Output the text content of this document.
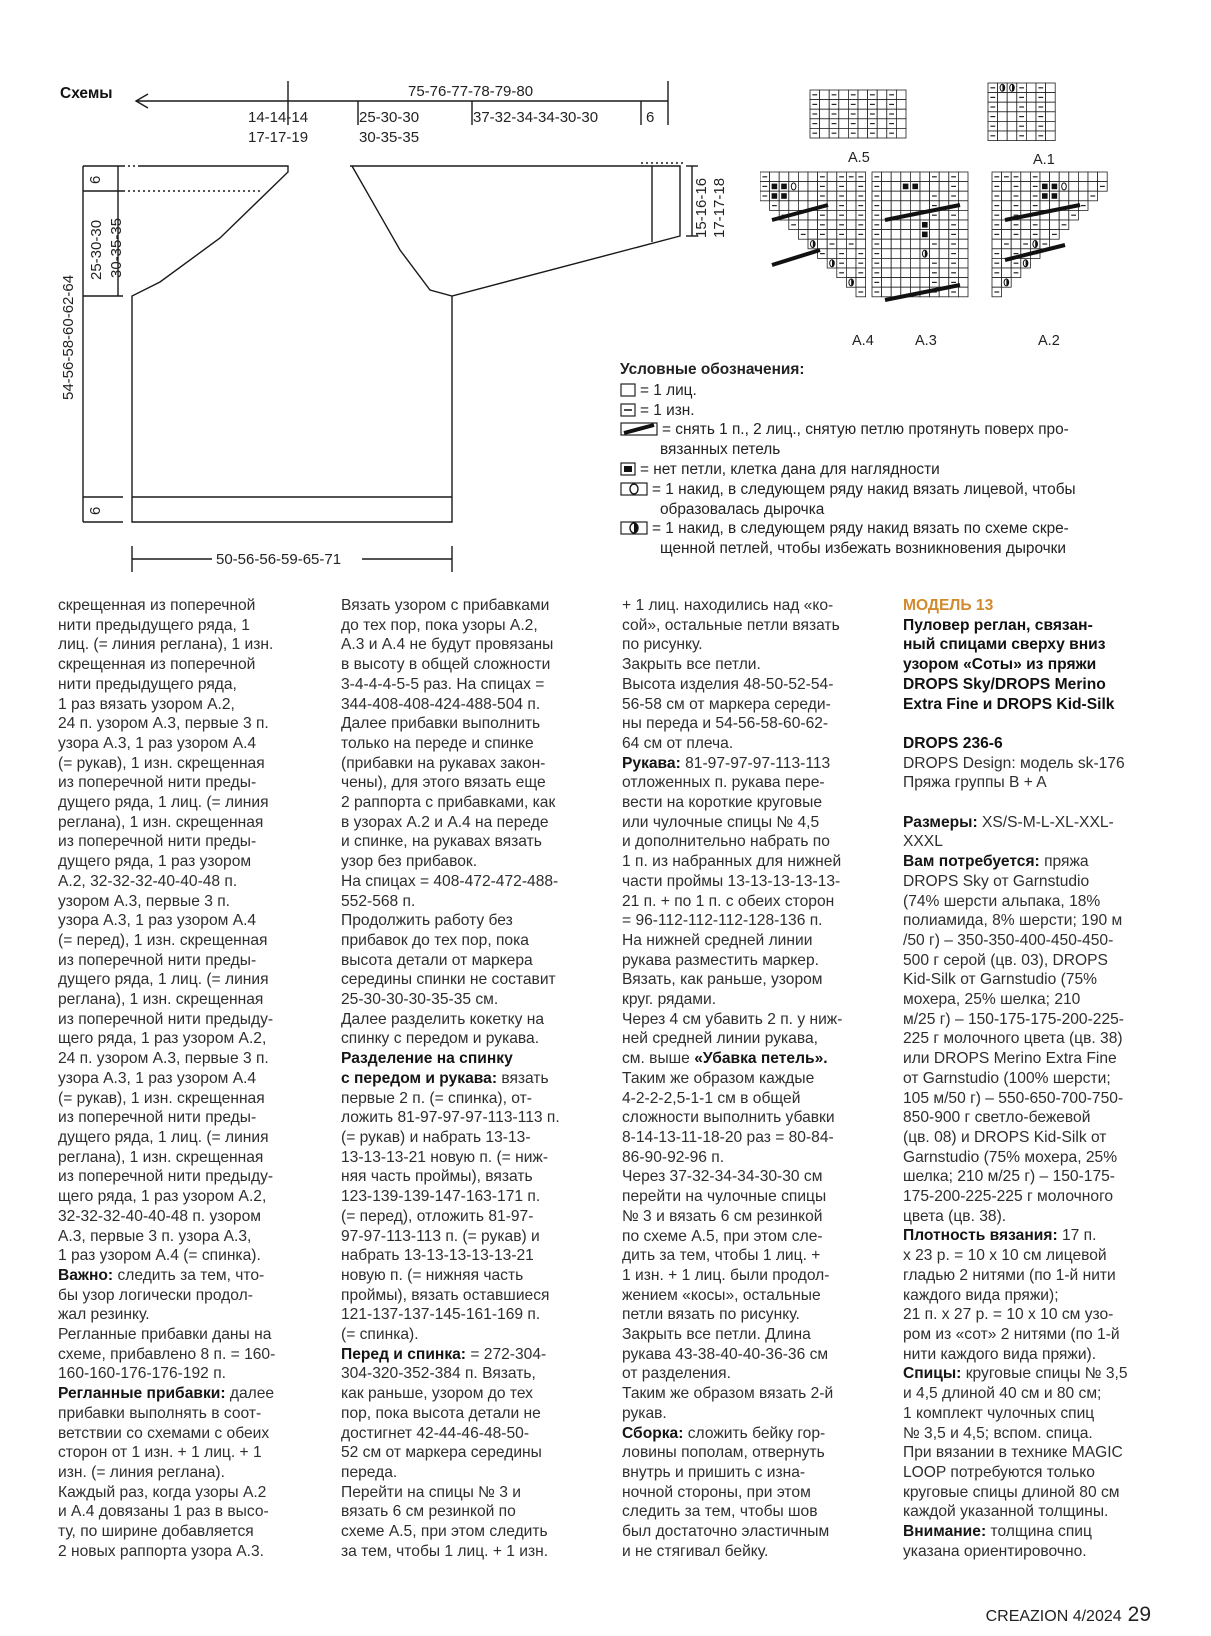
Схемы	75-76-77-78-79-80
14-14-14
17-17-19
25-30-30
30-35-35
37-32-34-34-30-30	6
54-56-58-60-62-64
25-30-30 30-35-35
6
6
15-16-16 17-17-18
50-56-56-59-65-71
A.5	A.1
A.4	A.3	A.2
Условные обозначения:
= 1 лиц.
= 1 изн.
= снять 1 п., 2 лиц., снятую петлю протянуть поверх про-
вязанных петель
= нет петли, клетка дана для наглядности
= 1 накид, в следующем ряду накид вязать лицевой, чтобы
образовалась дырочка
= 1 накид, в следующем ряду накид вязать по схеме скре-
щенной петлей, чтобы избежать возникновения дырочки

скрещенная из поперечной

нити предыдущего ряда, 1

лиц. (= линия реглана), 1 изн.

скрещенная из поперечной

нити предыдущего ряда,

1 раз вязать узором A.2,

24 п. узором A.3, первые 3 п.

узора A.3, 1 раз узором A.4

(= рукав), 1 изн. скрещенная

из поперечной нити преды-

дущего ряда, 1 лиц. (= линия

реглана), 1 изн. скрещенная

из поперечной нити преды-

дущего ряда, 1 раз узором

A.2, 32-32-32-40-40-48 п.

узором A.3, первые 3 п.

узора A.3, 1 раз узором A.4

(= перед), 1 изн. скрещенная

из поперечной нити преды-

дущего ряда, 1 лиц. (= линия

реглана), 1 изн. скрещенная

из поперечной нити предыду-

щего ряда, 1 раз узором A.2,

24 п. узором A.3, первые 3 п.

узора A.3, 1 раз узором A.4

(= рукав), 1 изн. скрещенная

из поперечной нити преды-

дущего ряда, 1 лиц. (= линия

реглана), 1 изн. скрещенная

из поперечной нити предыду-

щего ряда, 1 раз узором A.2,

32-32-32-40-40-48 п. узором

A.3, первые 3 п. узора A.3,

1 раз узором A.4 (= спинка).

Важно: следить за тем, что-

бы узор логически продол-

жал резинку.

Регланные прибавки даны на

схеме, прибавлено 8 п. = 160-

160-160-176-176-192 п.

Регланные прибавки: далее

прибавки выполнять в соот-

ветствии со схемами с обеих

сторон от 1 изн. + 1 лиц. + 1

изн. (= линия реглана).

Каждый раз, когда узоры A.2

и A.4 довязаны 1 раз в высо-

ту, по ширине добавляется

2 новых раппорта узора A.3.

Вязать узором с прибавками

до тех пор, пока узоры A.2,

A.3 и A.4 не будут провязаны

в высоту в общей сложности

3-4-4-4-5-5 раз. На спицах =

344-408-408-424-488-504 п.

Далее прибавки выполнить

только на переде и спинке

(прибавки на рукавах закон-

чены), для этого вязать еще

2 раппорта с прибавками, как

в узорах A.2 и A.4 на переде

и спинке, на рукавах вязать

узор без прибавок.

На спицах = 408-472-472-488-

552-568 п.

Продолжить работу без

прибавок до тех пор, пока

высота детали от маркера

середины спинки не составит

25-30-30-30-35-35 см.

Далее разделить кокетку на

спинку с передом и рукава.

Разделение на спинку

с передом и рукава: вязать

первые 2 п. (= спинка), от-

ложить 81-97-97-97-113-113 п.

(= рукав) и набрать 13-13-

13-13-13-21 новую п. (= ниж-

няя часть проймы), вязать

123-139-139-147-163-171 п.

(= перед), отложить 81-97-

97-97-113-113 п. (= рукав) и

набрать 13-13-13-13-13-21

новую п. (= нижняя часть

проймы), вязать оставшиеся

121-137-137-145-161-169 п.

(= спинка).

Перед и спинка: = 272-304-

304-320-352-384 п. Вязать,

как раньше, узором до тех

пор, пока высота детали не

достигнет 42-44-46-48-50-

52 см от маркера середины

переда.

Перейти на спицы № 3 и

вязать 6 см резинкой по

схеме A.5, при этом следить

за тем, чтобы 1 лиц. + 1 изн.

+ 1 лиц. находились над «ко-

сой», остальные петли вязать

по рисунку.

Закрыть все петли.

Высота изделия 48-50-52-54-

56-58 см от маркера середи-

ны переда и 54-56-58-60-62-

64 см от плеча.

Рукава: 81-97-97-97-113-113

отложенных п. рукава пере-

вести на короткие круговые

или чулочные спицы № 4,5

и дополнительно набрать по

1 п. из набранных для нижней

части проймы 13-13-13-13-13-

21 п. + по 1 п. с обеих сторон

= 96-112-112-112-128-136 п.

На нижней средней линии

рукава разместить маркер.

Вязать, как раньше, узором

круг. рядами.

Через 4 см убавить 2 п. у ниж-

ней средней линии рукава,

см. выше «Убавка петель».

Таким же образом каждые

4-2-2-2,5-1-1 см в общей

сложности выполнить убавки

8-14-13-11-18-20 раз = 80-84-

86-90-92-96 п.

Через 37-32-34-34-30-30 см

перейти на чулочные спицы

№ 3 и вязать 6 см резинкой

по схеме A.5, при этом сле-

дить за тем, чтобы 1 лиц. +

1 изн. + 1 лиц. были продол-

жением «косы», остальные

петли вязать по рисунку.

Закрыть все петли. Длина

рукава 43-38-40-40-36-36 см

от разделения.

Таким же образом вязать 2-й

рукав.

Сборка: сложить бейку гор-

ловины пополам, отвернуть

внутрь и пришить с изна-

ночной стороны, при этом

следить за тем, чтобы шов

был достаточно эластичным

и не стягивал бейку.

МОДЕЛЬ 13

Пуловер реглан, связан-

ный спицами сверху вниз

узором «Соты» из пряжи

DROPS Sky/DROPS Merino

Extra Fine и DROPS Kid-Silk

DROPS 236-6

DROPS Design: модель sk-176

Пряжа группы B + A

Размеры: XS/S-M-L-XL-XXL-

XXXL

Вам потребуется: пряжа

DROPS Sky от Garnstudio

(74% шерсти альпака, 18%

полиамида, 8% шерсти; 190 м

/50 г) – 350-350-400-450-450-

500 г серой (цв. 03), DROPS

Kid-Silk от Garnstudio (75%

мохера, 25% шелка; 210

м/25 г) – 150-175-175-200-225-

225 г молочного цвета (цв. 38)

или DROPS Merino Extra Fine

от Garnstudio (100% шерсти;

105 м/50 г) – 550-650-700-750-

850-900 г светло-бежевой

(цв. 08) и DROPS Kid-Silk от

Garnstudio (75% мохера, 25%

шелка; 210 м/25 г) – 150-175-

175-200-225-225 г молочного

цвета (цв. 38).

Плотность вязания: 17 п.

х 23 р. = 10 х 10 см лицевой

гладью 2 нитями (по 1-й нити

каждого вида пряжи);

21 п. х 27 р. = 10 х 10 см узо-

ром из «сот» 2 нитями (по 1-й

нити каждого вида пряжи).

Спицы: круговые спицы № 3,5

и 4,5 длиной 40 см и 80 см;

1 комплект чулочных спиц

№ 3,5 и 4,5; вспом. спица.

При вязании в технике MAGIC

LOOP потребуются только

круговые спицы длиной 80 см

каждой указанной толщины.

Внимание: толщина спиц

указана ориентировочно.

CREAZION 4/2024 29
